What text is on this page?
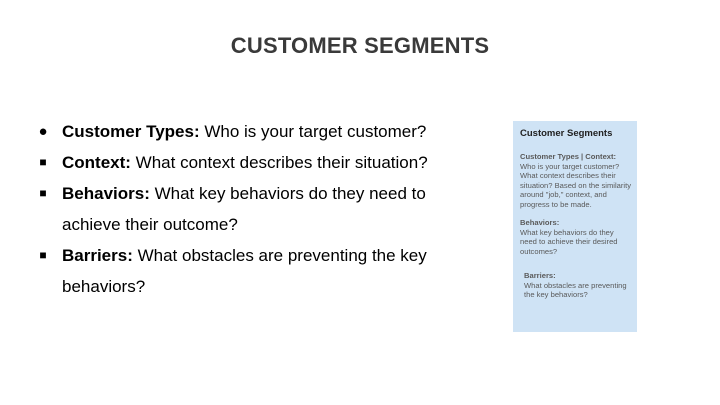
CUSTOMER SEGMENTS
● Customer Types: Who is your target customer?
■ Context: What context describes their situation?
■ Behaviors: What key behaviors do they need to achieve their outcome?
■ Barriers: What obstacles are preventing the key behaviors?
Customer Segments
Customer Types | Context:
Who is your target customer? What context describes their situation? Based on the similarity around "job," context, and progress to be made.
Behaviors:
What key behaviors do they need to achieve their desired outcomes?
Barriers:
What obstacles are preventing the key behaviors?
